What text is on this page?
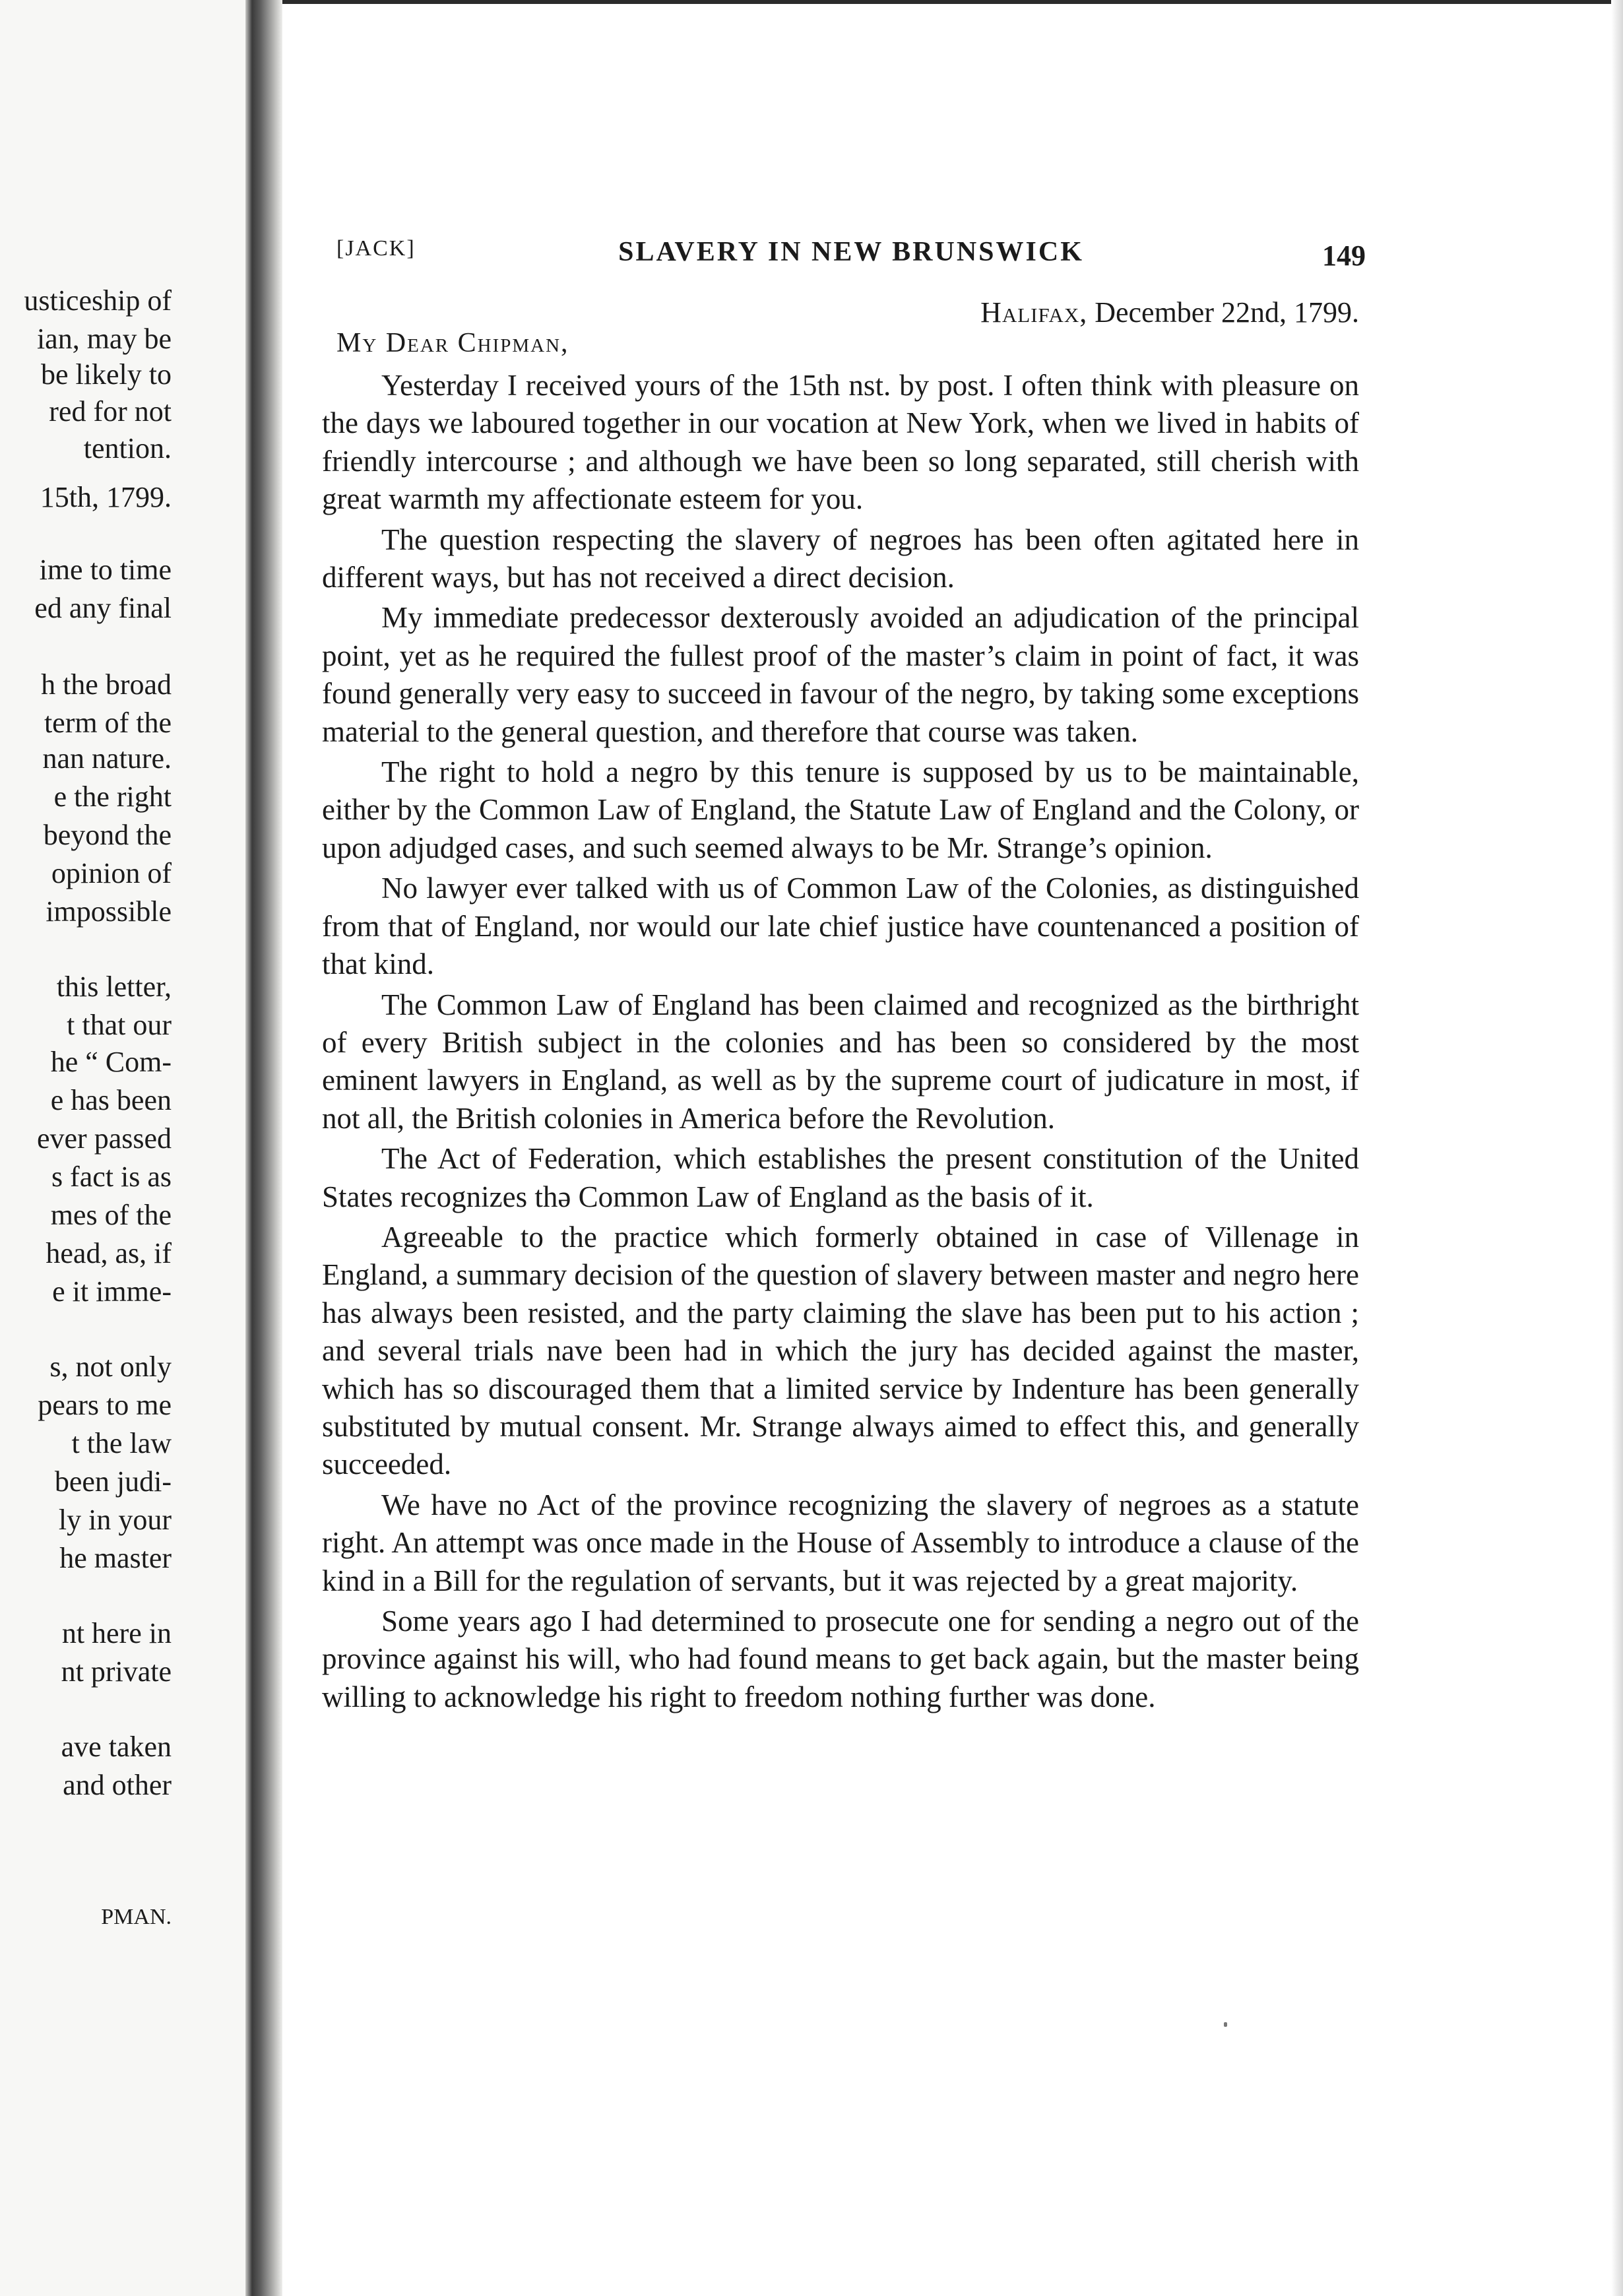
usticeship of
ian, may be
be likely to
red for not
tention.
15th, 1799.
ime to time
ed any final
h the broad
term of the
nan nature.
e the right
beyond the
opinion of
impossible
this letter,
t that our
he “ Com-
e has been
ever passed
s fact is as
mes of the
head, as, if
e it imme-
s, not only
pears to me
t the law
been judi-
ly in your
he master
nt here in
nt private
ave taken
and other
PMAN.
[JACK]	SLAVERY IN NEW BRUNSWICK	149
Halifax, December 22nd, 1799.
My Dear Chipman,

Yesterday I received yours of the 15th nst. by post. I often think with pleasure on the days we laboured together in our vocation at New York, when we lived in habits of friendly intercourse ; and although we have been so long separated, still cherish with great warmth my affectionate esteem for you.

The question respecting the slavery of negroes has been often agitated here in different ways, but has not received a direct decision.

My immediate predecessor dexterously avoided an adjudication of the principal point, yet as he required the fullest proof of the master’s claim in point of fact, it was found generally very easy to succeed in favour of the negro, by taking some exceptions material to the general question, and therefore that course was taken.

The right to hold a negro by this tenure is supposed by us to be maintainable, either by the Common Law of England, the Statute Law of England and the Colony, or upon adjudged cases, and such seemed always to be Mr. Strange’s opinion.

No lawyer ever talked with us of Common Law of the Colonies, as distinguished from that of England, nor would our late chief justice have countenanced a position of that kind.

The Common Law of England has been claimed and recognized as the birthright of every British subject in the colonies and has been so considered by the most eminent lawyers in England, as well as by the supreme court of judicature in most, if not all, the British colonies in America before the Revolution.

The Act of Federation, which establishes the present constitution of the United States recognizes thə Common Law of England as the basis of it.

Agreeable to the practice which formerly obtained in case of Villenage in England, a summary decision of the question of slavery between master and negro here has always been resisted, and the party claiming the slave has been put to his action ; and several trials nave been had in which the jury has decided against the master, which has so discouraged them that a limited service by Indenture has been generally substituted by mutual consent. Mr. Strange always aimed to effect this, and generally succeeded.

We have no Act of the province recognizing the slavery of negroes as a statute right. An attempt was once made in the House of Assembly to introduce a clause of the kind in a Bill for the regulation of servants, but it was rejected by a great majority.

Some years ago I had determined to prosecute one for sending a negro out of the province against his will, who had found means to get back again, but the master being willing to acknowledge his right to freedom nothing further was done.
